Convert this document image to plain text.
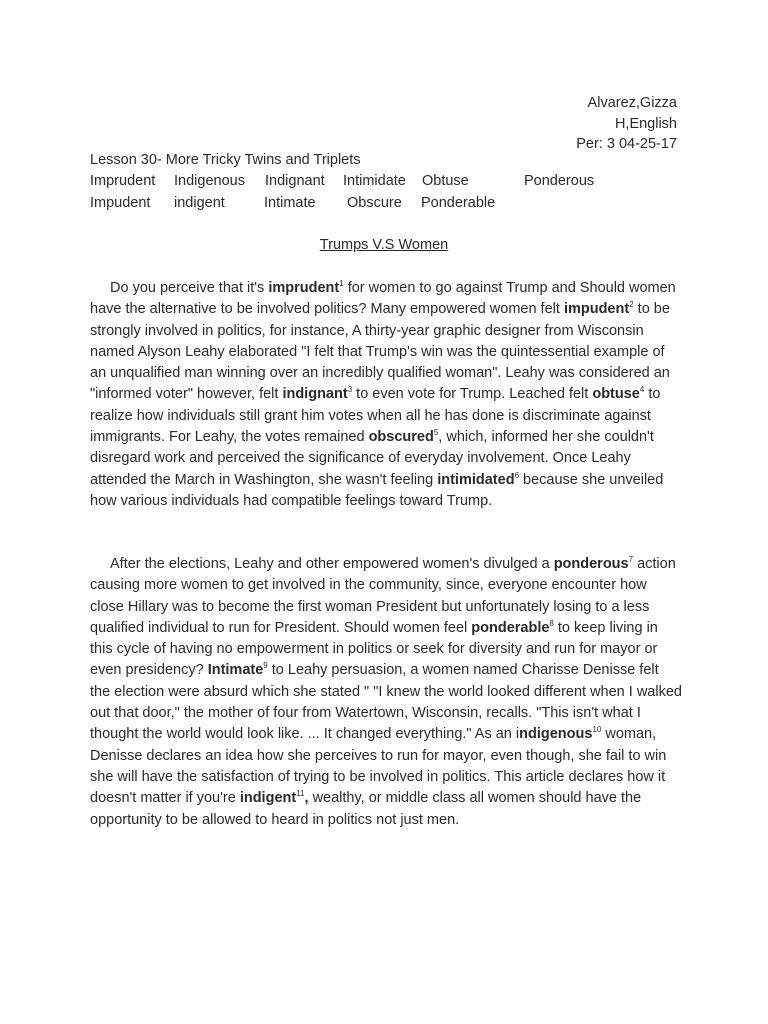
Alvarez,Gizza
H,English
Per: 3 04-25-17
Lesson 30- More Tricky Twins and Triplets
Imprudent Indigenous Indignant Intimidate Obtuse	Ponderous
Impudent indigent	Intimate Obscure Ponderable
Trumps V.S Women

Do you perceive that it's imprudent$^1$ for women to go against Trump and Should women have the alternative to be involved politics? Many empowered women felt impudent$^2$ to be strongly involved in politics, for instance, A thirty-year graphic designer from Wisconsin named Alyson Leahy elaborated "I felt that Trump's win was the quintessential example of an unqualified man winning over an incredibly qualified woman". Leahy was considered an "informed voter" however, felt indignant$^3$ to even vote for Trump. Leached felt obtuse$^4$ to realize how individuals still grant him votes when all he has done is discriminate against immigrants. For Leahy, the votes remained obscured$^5$, which, informed her she couldn't disregard work and perceived the significance of everyday involvement. Once Leahy attended the March in Washington, she wasn't feeling intimidated$^6$ because she unveiled how various individuals had compatible feelings toward Trump.

After the elections, Leahy and other empowered women's divulged a ponderous$^7$ action causing more women to get involved in the community, since, everyone encounter how close Hillary was to become the first woman President but unfortunately losing to a less qualified individual to run for President. Should women feel ponderable$^8$ to keep living in this cycle of having no empowerment in politics or seek for diversity and run for mayor or even presidency? Intimate$^9$ to Leahy persuasion, a women named Charisse Denisse felt the election were absurd which she stated " "I knew the world looked different when I walked out that door," the mother of four from Watertown, Wisconsin, recalls. "This isn't what I thought the world would look like. ... It changed everything." As an indigenous$^{10}$ woman, Denisse declares an idea how she perceives to run for mayor, even though, she fail to win she will have the satisfaction of trying to be involved in politics. This article declares how it doesn't matter if you're indigent$^{11}$, wealthy, or middle class all women should have the opportunity to be allowed to heard in politics not just men.
